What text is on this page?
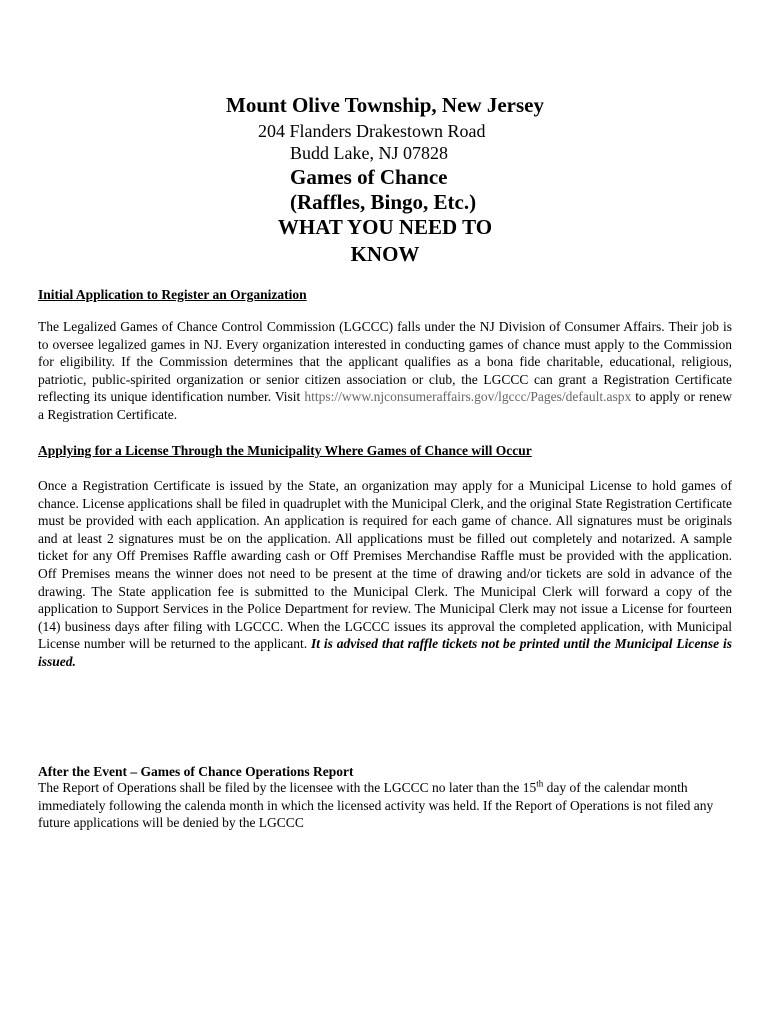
Mount Olive Township, New Jersey
204 Flanders Drakestown Road
Budd Lake, NJ 07828
Games of Chance
(Raffles, Bingo, Etc.)
WHAT YOU NEED TO
KNOW
Initial Application to Register an Organization
The Legalized Games of Chance Control Commission (LGCCC) falls under the NJ Division of Consumer Affairs. Their job is to oversee legalized games in NJ. Every organization interested in conducting games of chance must apply to the Commission for eligibility. If the Commission determines that the applicant qualifies as a bona fide charitable, educational, religious, patriotic, public-spirited organization or senior citizen association or club, the LGCCC can grant a Registration Certificate reflecting its unique identification number. Visit https://www.njconsumeraffairs.gov/lgccc/Pages/default.aspx to apply or renew a Registration Certificate.
Applying for a License Through the Municipality Where Games of Chance will Occur
Once a Registration Certificate is issued by the State, an organization may apply for a Municipal License to hold games of chance. License applications shall be filed in quadruplet with the Municipal Clerk, and the original State Registration Certificate must be provided with each application. An application is required for each game of chance. All signatures must be originals and at least 2 signatures must be on the application. All applications must be filled out completely and notarized. A sample ticket for any Off Premises Raffle awarding cash or Off Premises Merchandise Raffle must be provided with the application. Off Premises means the winner does not need to be present at the time of drawing and/or tickets are sold in advance of the drawing. The State application fee is submitted to the Municipal Clerk. The Municipal Clerk will forward a copy of the application to Support Services in the Police Department for review. The Municipal Clerk may not issue a License for fourteen (14) business days after filing with LGCCC. When the LGCCC issues its approval the completed application, with Municipal License number will be returned to the applicant. It is advised that raffle tickets not be printed until the Municipal License is issued.
After the Event – Games of Chance Operations Report
The Report of Operations shall be filed by the licensee with the LGCCC no later than the 15th day of the calendar month immediately following the calenda month in which the licensed activity was held. If the Report of Operations is not filed any future applications will be denied by the LGCCC
